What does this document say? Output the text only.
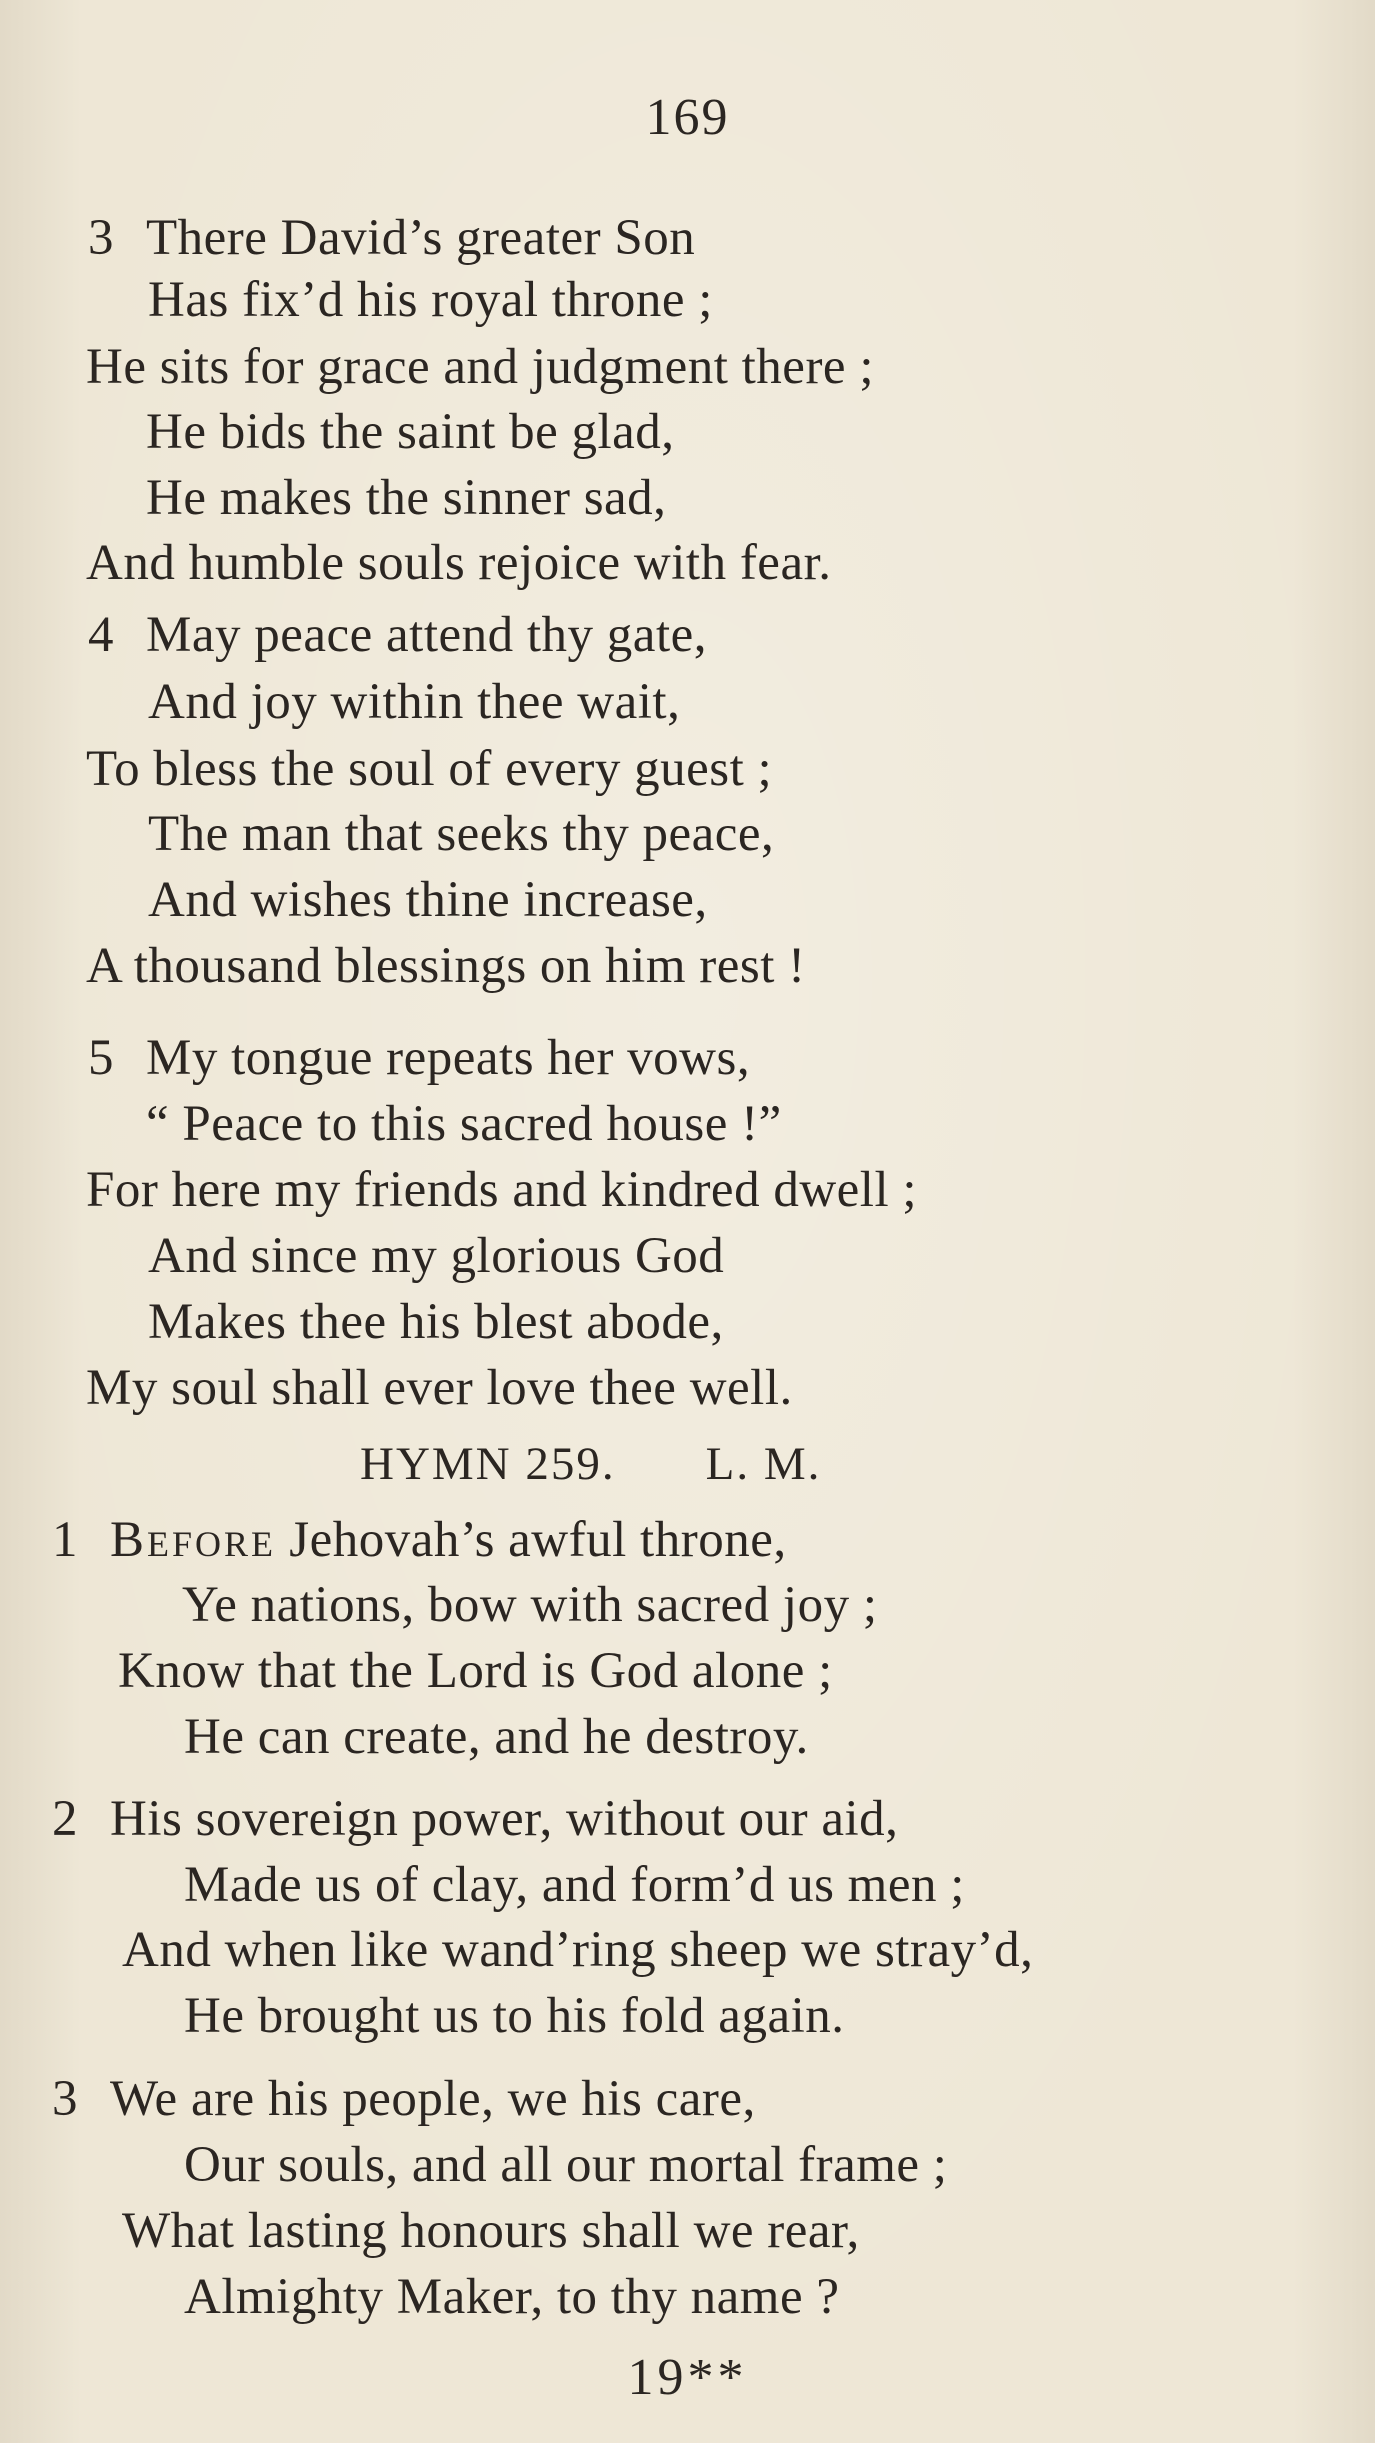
169
3 There David’s greater Son
Has fix’d his royal throne ;
He sits for grace and judgment there ;
He bids the saint be glad,
He makes the sinner sad,
And humble souls rejoice with fear.
4 May peace attend thy gate,
And joy within thee wait,
To bless the soul of every guest ;
The man that seeks thy peace,
And wishes thine increase,
A thousand blessings on him rest !
5 My tongue repeats her vows,
“ Peace to this sacred house !”
For here my friends and kindred dwell ;
And since my glorious God
Makes thee his blest abode,
My soul shall ever love thee well.
HYMN 259. L. M.
1 Before Jehovah’s awful throne,
Ye nations, bow with sacred joy ;
Know that the Lord is God alone ;
He can create, and he destroy.
2 His sovereign power, without our aid,
Made us of clay, and form’d us men ;
And when like wand’ring sheep we stray’d,
He brought us to his fold again.
3 We are his people, we his care,
Our souls, and all our mortal frame ;
What lasting honours shall we rear,
Almighty Maker, to thy name ?
19**
